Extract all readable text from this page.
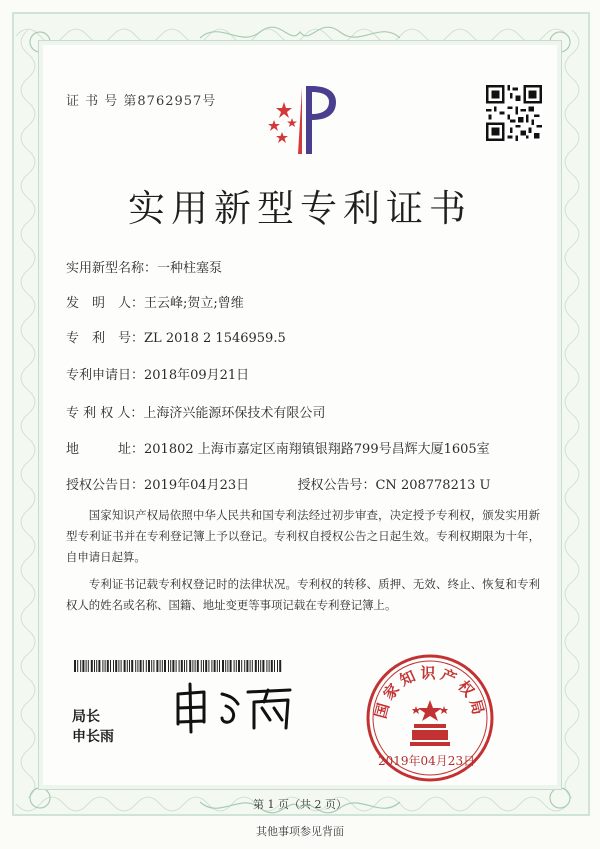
证 书 号 第8762957号
实用新型专利证书
实用新型名称：一种柱塞泵
发　明　人：王云峰;贺立;曾维
专　利　号：ZL 2018 2 1546959.5
专利申请日：2018年09月21日
专 利 权 人：上海济兴能源环保技术有限公司
地　　　址：201802 上海市嘉定区南翔镇银翔路799号昌辉大厦1605室
授权公告日：2019年04月23日	授权公告号：CN 208778213 U

国家知识产权局依照中华人民共和国专利法经过初步审查，决定授予专利权，颁发实用新型专利证书并在专利登记簿上予以登记。专利权自授权公告之日起生效。专利权期限为十年，自申请日起算。

专利证书记载专利权登记时的法律状况。专利权的转移、质押、无效、终止、恢复和专利权人的姓名或名称、国籍、地址变更等事项记载在专利登记簿上。

局长
申长雨
国家知识产权局
2019年04月23日
第 1 页（共 2 页）
其他事项参见背面
